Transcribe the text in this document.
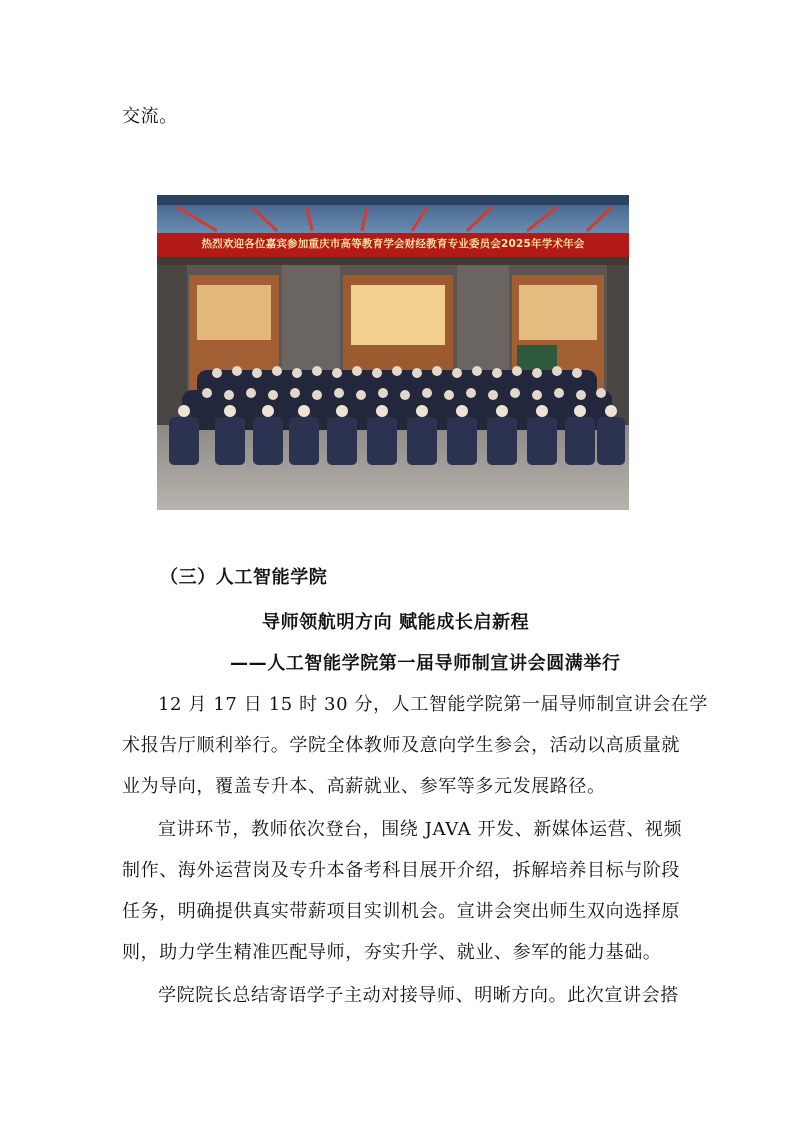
交流。
热烈欢迎各位嘉宾参加重庆市高等教育学会财经教育专业委员会2025年学术年会
（三）人工智能学院
导师领航明方向 赋能成长启新程
——人工智能学院第一届导师制宣讲会圆满举行
12 月 17 日 15 时 30 分，人工智能学院第一届导师制宣讲会在学
术报告厅顺利举行。学院全体教师及意向学生参会，活动以高质量就
业为导向，覆盖专升本、高薪就业、参军等多元发展路径。
宣讲环节，教师依次登台，围绕 JAVA 开发、新媒体运营、视频
制作、海外运营岗及专升本备考科目展开介绍，拆解培养目标与阶段
任务，明确提供真实带薪项目实训机会。宣讲会突出师生双向选择原
则，助力学生精准匹配导师，夯实升学、就业、参军的能力基础。
学院院长总结寄语学子主动对接导师、明晰方向。此次宣讲会搭
